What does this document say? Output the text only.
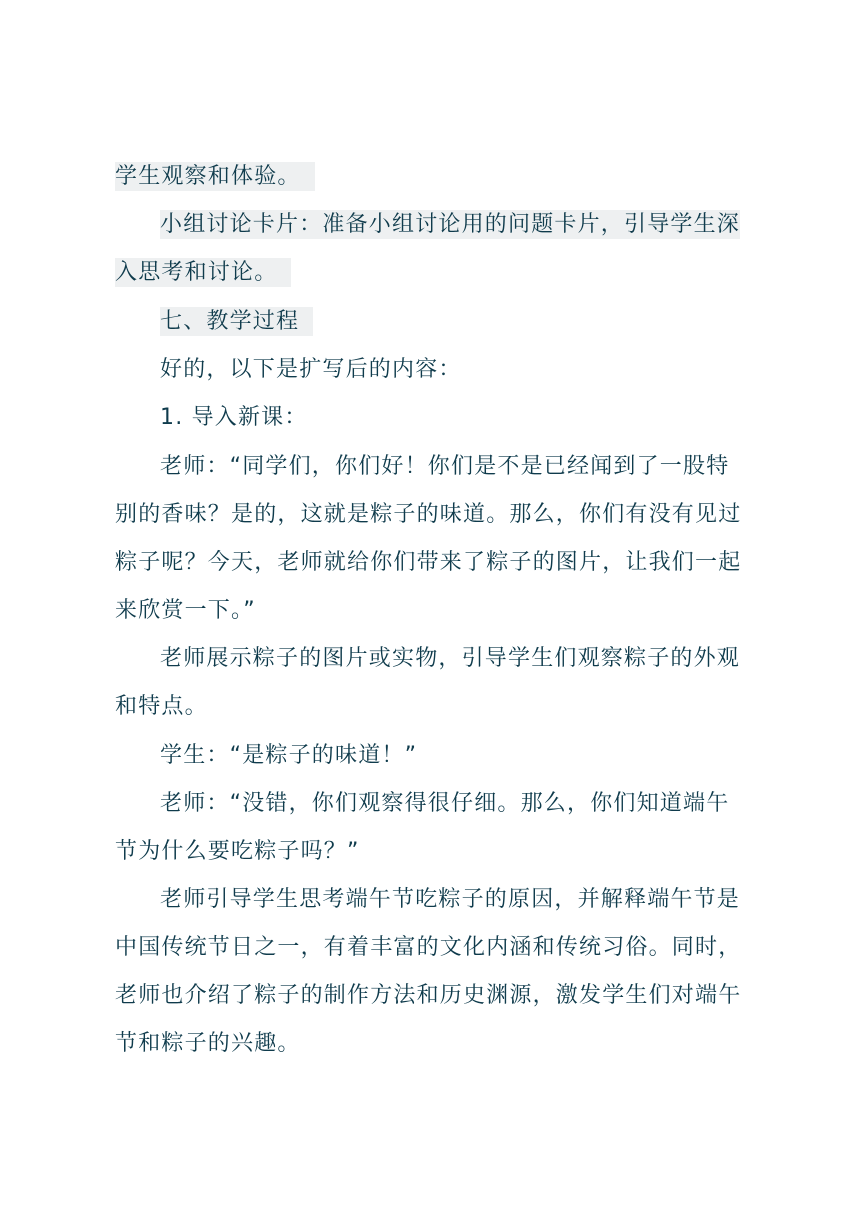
学生观察和体验。
小组讨论卡片：准备小组讨论用的问题卡片，引导学生深
入思考和讨论。
七、教学过程
好的，以下是扩写后的内容：
1. 导入新课：
老师：“同学们，你们好！你们是不是已经闻到了一股特
别的香味？是的，这就是粽子的味道。那么，你们有没有见过
粽子呢？今天，老师就给你们带来了粽子的图片，让我们一起
来欣赏一下。”
老师展示粽子的图片或实物，引导学生们观察粽子的外观
和特点。
学生：“是粽子的味道！”
老师：“没错，你们观察得很仔细。那么，你们知道端午
节为什么要吃粽子吗？”
老师引导学生思考端午节吃粽子的原因，并解释端午节是
中国传统节日之一，有着丰富的文化内涵和传统习俗。同时，
老师也介绍了粽子的制作方法和历史渊源，激发学生们对端午
节和粽子的兴趣。
